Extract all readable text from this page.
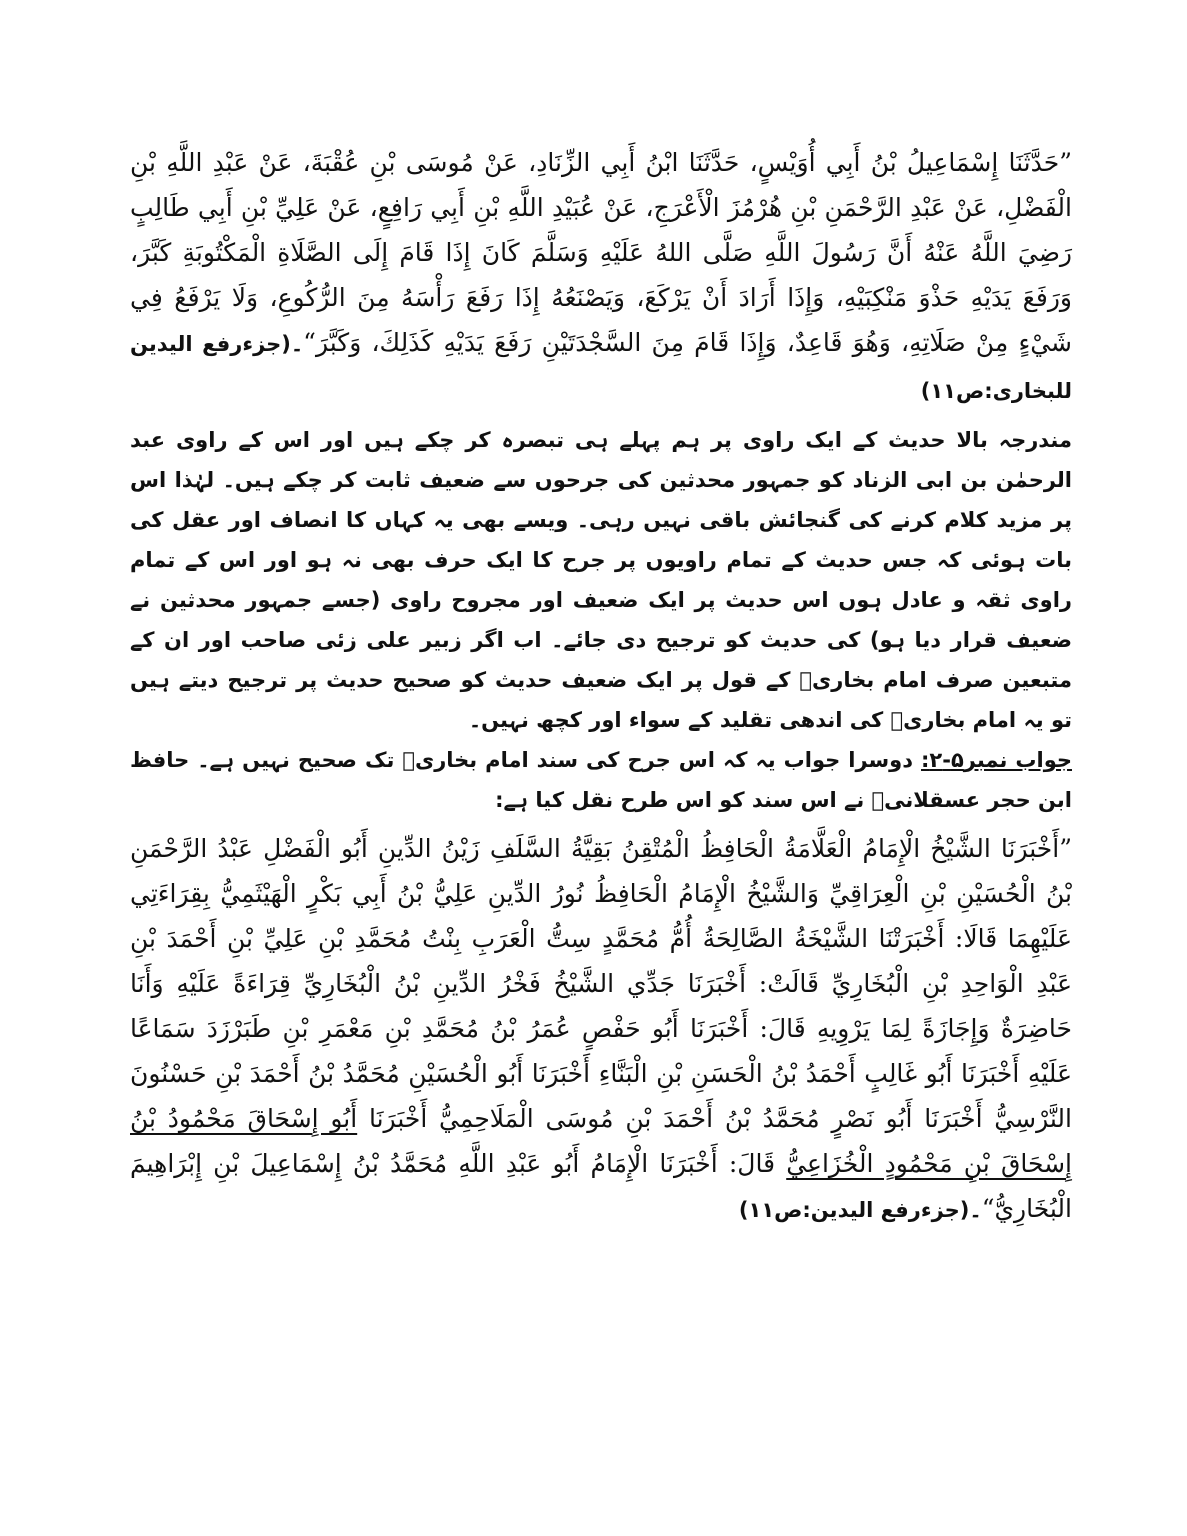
”حَدَّثَنَا إِسْمَاعِيلُ بْنُ أَبِي أُوَيْسٍ، حَدَّثَنَا ابْنُ أَبِي الزِّنَادِ، عَنْ مُوسَى بْنِ عُقْبَةَ، عَنْ عَبْدِ اللَّهِ بْنِ الْفَضْلِ، عَنْ عَبْدِ الرَّحْمَنِ بْنِ هُرْمُزَ الْأَعْرَجِ، عَنْ عُبَيْدِ اللَّهِ بْنِ أَبِي رَافِعٍ، عَنْ عَلِيِّ بْنِ أَبِي طَالِبٍ رَضِيَ اللَّهُ عَنْهُ أَنَّ رَسُولَ اللَّهِ صَلَّى اللهُ عَلَيْهِ وَسَلَّمَ كَانَ إِذَا قَامَ إِلَى الصَّلَاةِ الْمَكْتُوبَةِ كَبَّرَ، وَرَفَعَ يَدَيْهِ حَذْوَ مَنْكِبَيْهِ، وَإِذَا أَرَادَ أَنْ يَرْكَعَ، وَيَصْنَعُهُ إِذَا رَفَعَ رَأْسَهُ مِنَ الرُّكُوعِ، وَلَا يَرْفَعُ فِي شَيْءٍ مِنْ صَلَاتِهِ، وَهُوَ قَاعِدٌ، وَإِذَا قَامَ مِنَ السَّجْدَتَيْنِ رَفَعَ يَدَيْهِ كَذَلِكَ، وَكَبَّرَ“۔(جزءرفع الیدین للبخاری:ص۱۱)

مندرجہ بالا حدیث کے ایک راوی پر ہم پہلے ہی تبصرہ کر چکے ہیں اور اس کے راوی عبد الرحمٰن بن ابی الزناد کو جمہور محدثین کی جرحوں سے ضعیف ثابت کر چکے ہیں۔ لہٰذا اس پر مزید کلام کرنے کی گنجائش باقی نہیں رہی۔ ویسے بھی یہ کہاں کا انصاف اور عقل کی بات ہوئی کہ جس حدیث کے تمام راویوں پر جرح کا ایک حرف بھی نہ ہو اور اس کے تمام راوی ثقہ و عادل ہوں اس حدیث پر ایک ضعیف اور مجروح راوی (جسے جمہور محدثین نے ضعیف قرار دیا ہو) کی حدیث کو ترجیح دی جائے۔ اب اگر زبیر علی زئی صاحب اور ان کے متبعین صرف امام بخاریؒ کے قول پر ایک ضعیف حدیث کو صحیح حدیث پر ترجیح دیتے ہیں تو یہ امام بخاریؒ کی اندھی تقلید کے سواء اور کچھ نہیں۔

جواب نمبر۵-۲: دوسرا جواب یہ کہ اس جرح کی سند امام بخاریؒ تک صحیح نہیں ہے۔ حافظ ابن حجر عسقلانیؒ نے اس سند کو اس طرح نقل کیا ہے:

”أَخْبَرَنَا الشَّيْخُ الْإِمَامُ الْعَلَّامَةُ الْحَافِظُ الْمُتْقِنُ بَقِيَّةُ السَّلَفِ زَيْنُ الدِّينِ أَبُو الْفَضْلِ عَبْدُ الرَّحْمَنِ بْنُ الْحُسَيْنِ بْنِ الْعِرَاقِيِّ وَالشَّيْخُ الْإِمَامُ الْحَافِظُ نُورُ الدِّينِ عَلِيُّ بْنُ أَبِي بَكْرٍ الْهَيْثَمِيُّ بِقِرَاءَتِي عَلَيْهِمَا قَالَا: أَخْبَرَتْنَا الشَّيْخَةُ الصَّالِحَةُ أُمُّ مُحَمَّدٍ سِتُّ الْعَرَبِ بِنْتُ مُحَمَّدِ بْنِ عَلِيِّ بْنِ أَحْمَدَ بْنِ عَبْدِ الْوَاحِدِ بْنِ الْبُخَارِيِّ قَالَتْ: أَخْبَرَنَا جَدِّي الشَّيْخُ فَخْرُ الدِّينِ بْنُ الْبُخَارِيِّ قِرَاءَةً عَلَيْهِ وَأَنَا حَاضِرَةٌ وَإِجَازَةً لِمَا يَرْوِيهِ قَالَ: أَخْبَرَنَا أَبُو حَفْصٍ عُمَرُ بْنُ مُحَمَّدِ بْنِ مَعْمَرِ بْنِ طَبَرْزَدَ سَمَاعًا عَلَيْهِ أَخْبَرَنَا أَبُو غَالِبٍ أَحْمَدُ بْنُ الْحَسَنِ بْنِ الْبَنَّاءِ أَخْبَرَنَا أَبُو الْحُسَيْنِ مُحَمَّدُ بْنُ أَحْمَدَ بْنِ حَسْنُونَ النَّرْسِيُّ أَخْبَرَنَا أَبُو نَصْرٍ مُحَمَّدُ بْنُ أَحْمَدَ بْنِ مُوسَى الْمَلَاحِمِيُّ أَخْبَرَنَا أَبُو إِسْحَاقَ مَحْمُودُ بْنُ إِسْحَاقَ بْنِ مَحْمُودٍ الْخُزَاعِيُّ قَالَ: أَخْبَرَنَا الْإِمَامُ أَبُو عَبْدِ اللَّهِ مُحَمَّدُ بْنُ إِسْمَاعِيلَ بْنِ إِبْرَاهِيمَ الْبُخَارِيُّ“۔(جزءرفع الیدین:ص۱۱)
